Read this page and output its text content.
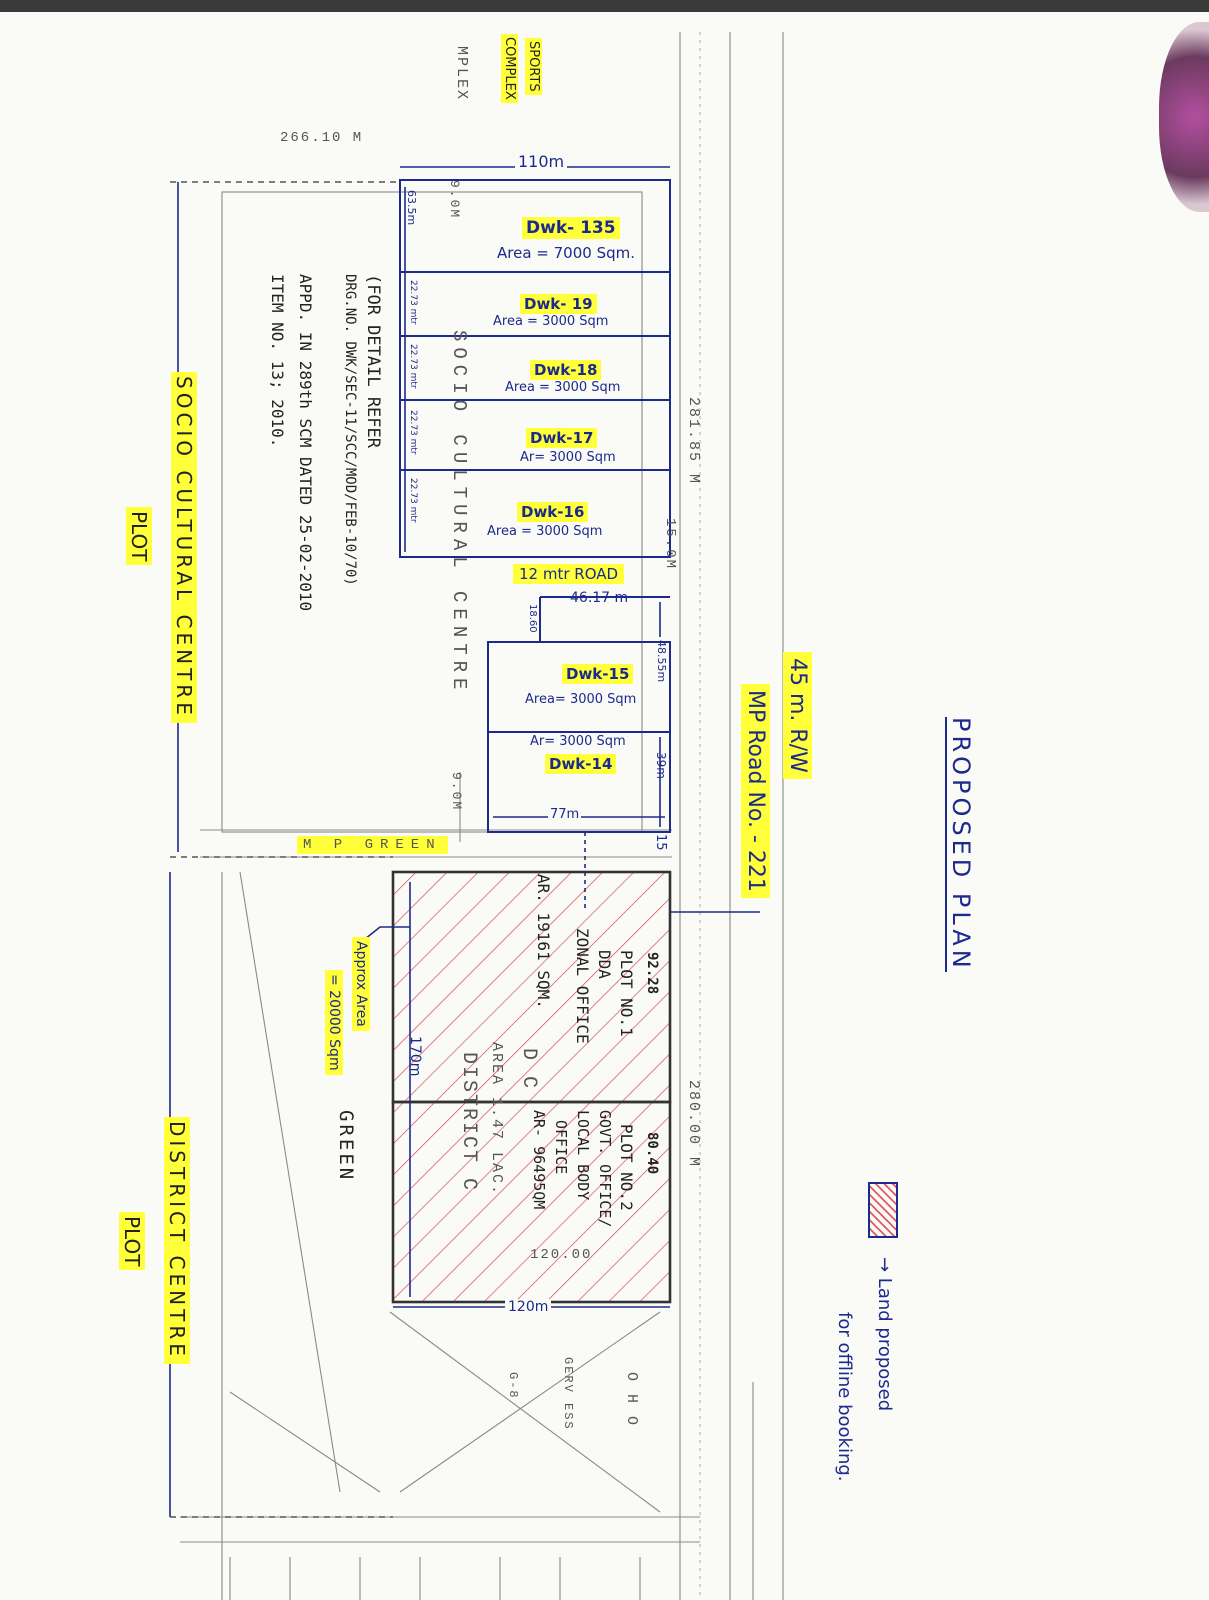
PROPOSED PLAN
→ Land proposed
for offline booking.
45 m. R/W
MP Road No. - 221
266.10 M
281.85 M
280.00 M
9.0M
9.0M
15.0M
110m
63.5m
22.73 mtr
22.73 mtr
22.73 mtr
22.73 mtr
46.17 m
18.60
48.55m
39m
77m
15
170m
120m
Dwk- 135
Area = 7000 Sqm.
Dwk- 19
Area = 3000 Sqm
Dwk-18
Area = 3000 Sqm
Dwk-17
Ar= 3000 Sqm
Dwk-16
Area = 3000 Sqm
Dwk-15
Area= 3000 Sqm
Ar= 3000 Sqm
Dwk-14
12 mtr ROAD
SPORTS
COMPLEX
MPLEX
SOCIO CULTURAL CENTRE
SOCIO CULTURAL CENTRE
PLOT
DISTRICT CENTRE
PLOT
M P GREEN
GREEN
Approx Area
= 20000 Sqm
(FOR DETAIL REFER
DRG.NO. DWK/SEC-11/SCC/MOD/FEB-10/70)
APPD. IN 289th SCM DATED 25-02-2010
ITEM NO. 13; 2010.
92.28
PLOT NO.1
DDA
ZONAL OFFICE
AR. 19161 SQM.
80.40
PLOT NO.2
GOVT. OFFICE/
LOCAL BODY
OFFICE
AR- 96495QM
D C
DISTRICT C AREA 1.47 LAC.
120.00
O H O
GERV ESS
G-8
